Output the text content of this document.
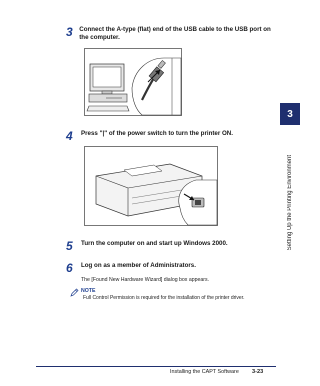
3	Connect the A-type (flat) end of the USB cable to the USB port on the computer.
4	Press "|" of the power switch to turn the printer ON.
5	Turn the computer on and start up Windows 2000.
6	Log on as a member of Administrators.
The [Found New Hardware Wizard] dialog box appears.
NOTE
Full Control Permission is required for the installation of the printer driver.
3
Setting Up the Printing Environment
Installing the CAPT Software 3-23
